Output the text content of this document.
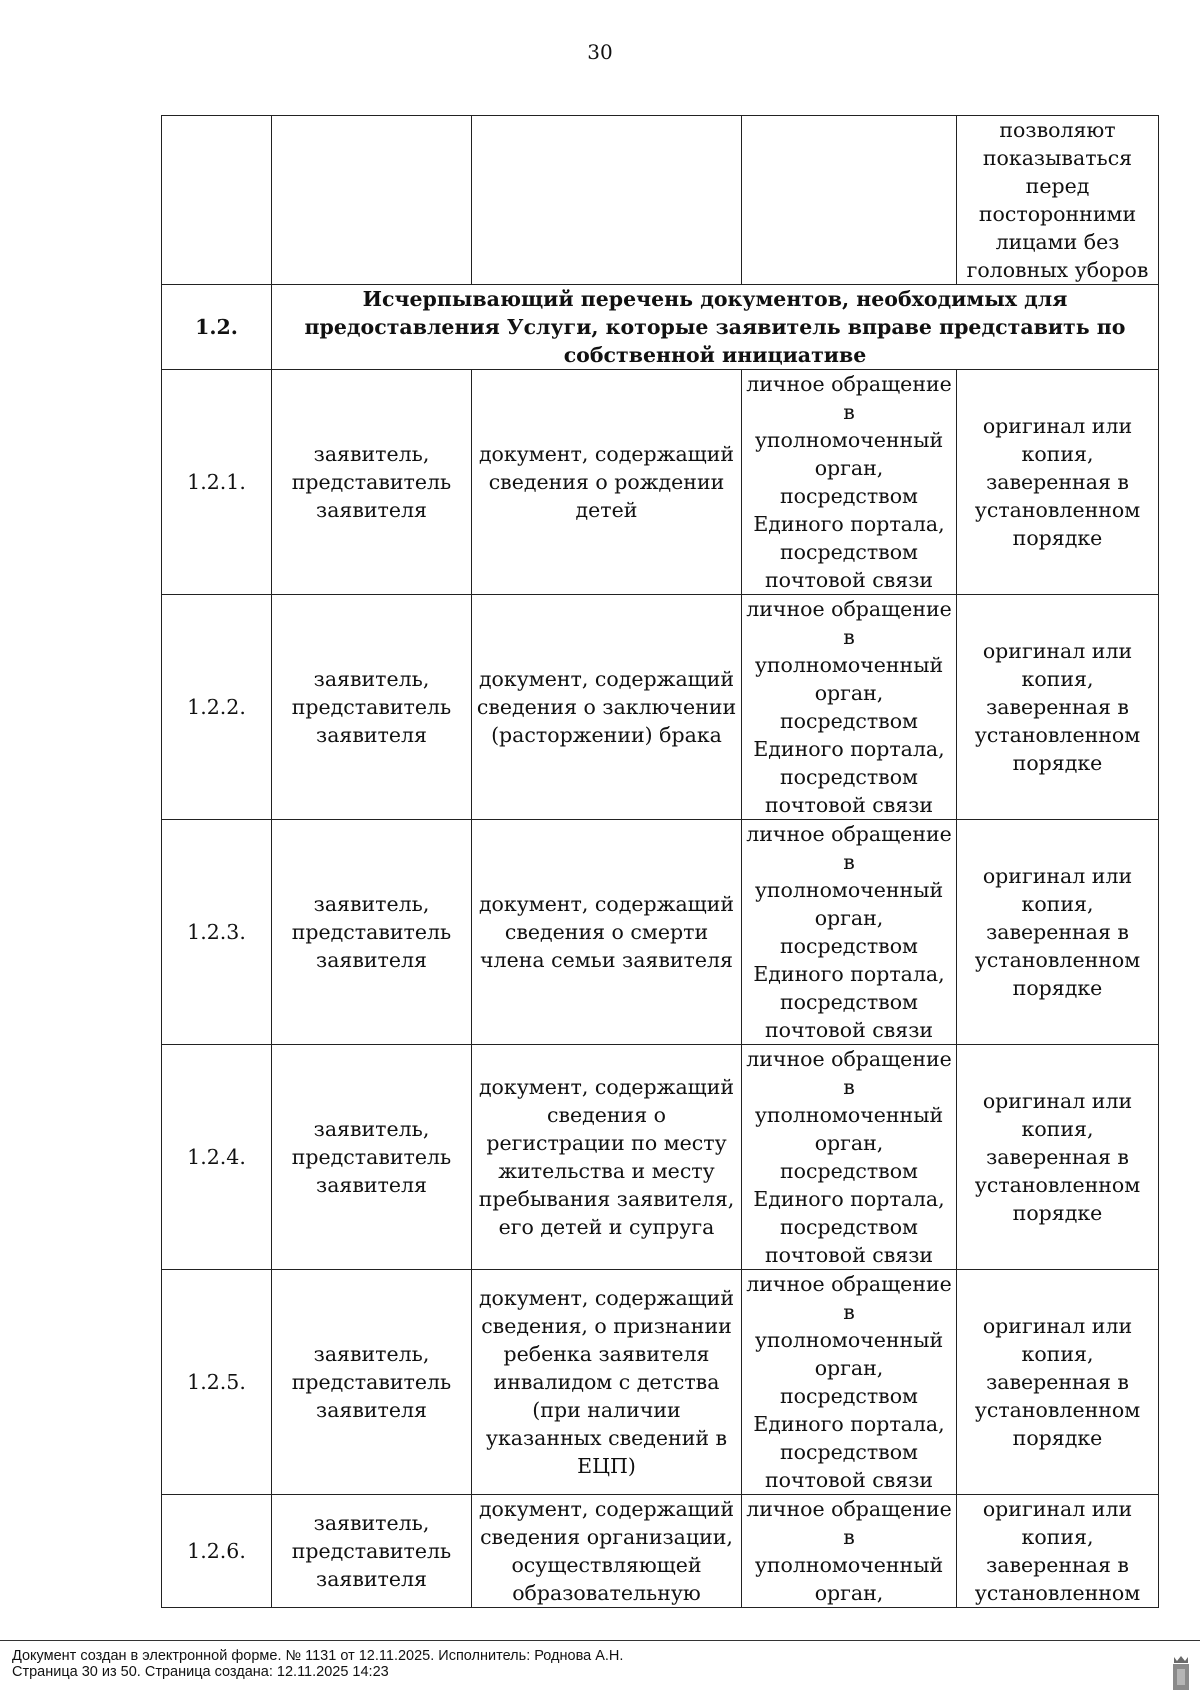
30
				позволяют показываться перед посторонними лицами без головных уборов
1.2.	Исчерпывающий перечень документов, необходимых для предоставления Услуги, которые заявитель вправе представить по собственной инициативе			
1.2.1.	заявитель, представитель заявителя	документ, содержащий сведения о рождении детей	личное обращение в уполномоченный орган, посредством Единого портала, посредством почтовой связи	оригинал или копия, заверенная в установленном порядке
1.2.2.	заявитель, представитель заявителя	документ, содержащий сведения о заключении (расторжении) брака	личное обращение в уполномоченный орган, посредством Единого портала, посредством почтовой связи	оригинал или копия, заверенная в установленном порядке
1.2.3.	заявитель, представитель заявителя	документ, содержащий сведения о смерти члена семьи заявителя	личное обращение в уполномоченный орган, посредством Единого портала, посредством почтовой связи	оригинал или копия, заверенная в установленном порядке
1.2.4.	заявитель, представитель заявителя	документ, содержащий сведения о регистрации по месту жительства и месту пребывания заявителя, его детей и супруга	личное обращение в уполномоченный орган, посредством Единого портала, посредством почтовой связи	оригинал или копия, заверенная в установленном порядке
1.2.5.	заявитель, представитель заявителя	документ, содержащий сведения, о признании ребенка заявителя инвалидом с детства (при наличии указанных сведений в ЕЦП)	личное обращение в уполномоченный орган, посредством Единого портала, посредством почтовой связи	оригинал или копия, заверенная в установленном порядке
1.2.6.	заявитель, представитель заявителя	документ, содержащий сведения организации, осуществляющей образовательную	личное обращение в уполномоченный орган,	оригинал или копия, заверенная в установленном
Документ создан в электронной форме. № 1131 от 12.11.2025. Исполнитель: Роднова А.Н.
Страница 30 из 50. Страница создана: 12.11.2025 14:23
